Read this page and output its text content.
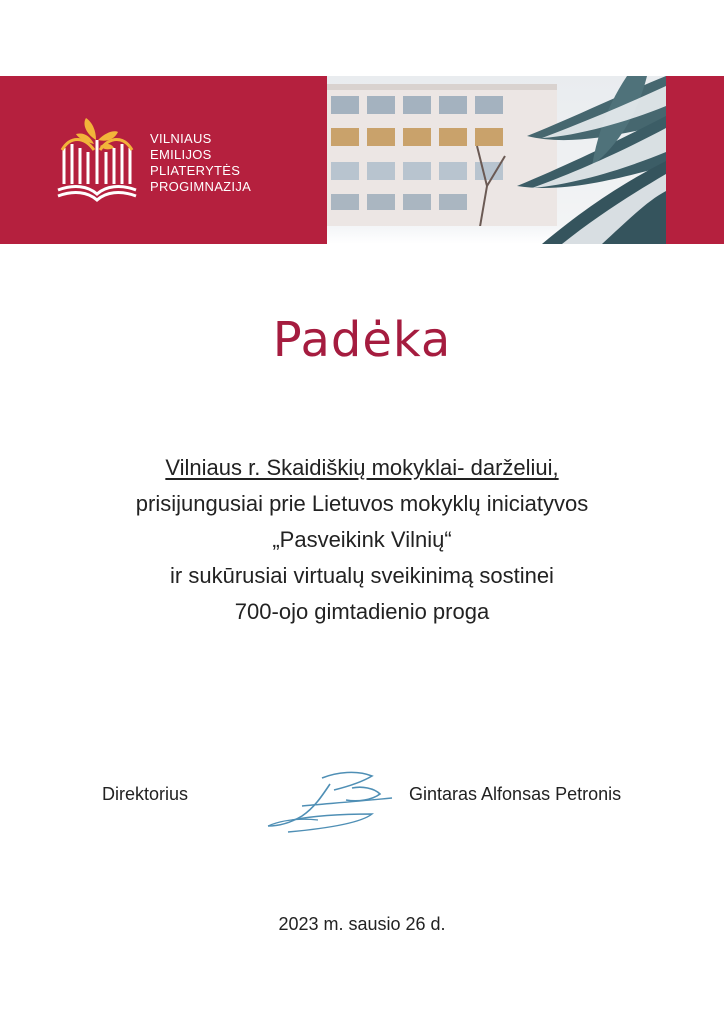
VILNIAUS
EMILIJOS
PLIATERYTĖS
PROGIMNAZIJA
Padėka
Vilniaus r. Skaidiškių mokyklai- darželiui,
prisijungusiai prie Lietuvos mokyklų iniciatyvos
„Pasveikink Vilnių“
ir sukūrusiai virtualų sveikinimą sostinei
700-ojo gimtadienio proga
Direktorius	Gintaras Alfonsas Petronis
2023 m. sausio 26 d.
